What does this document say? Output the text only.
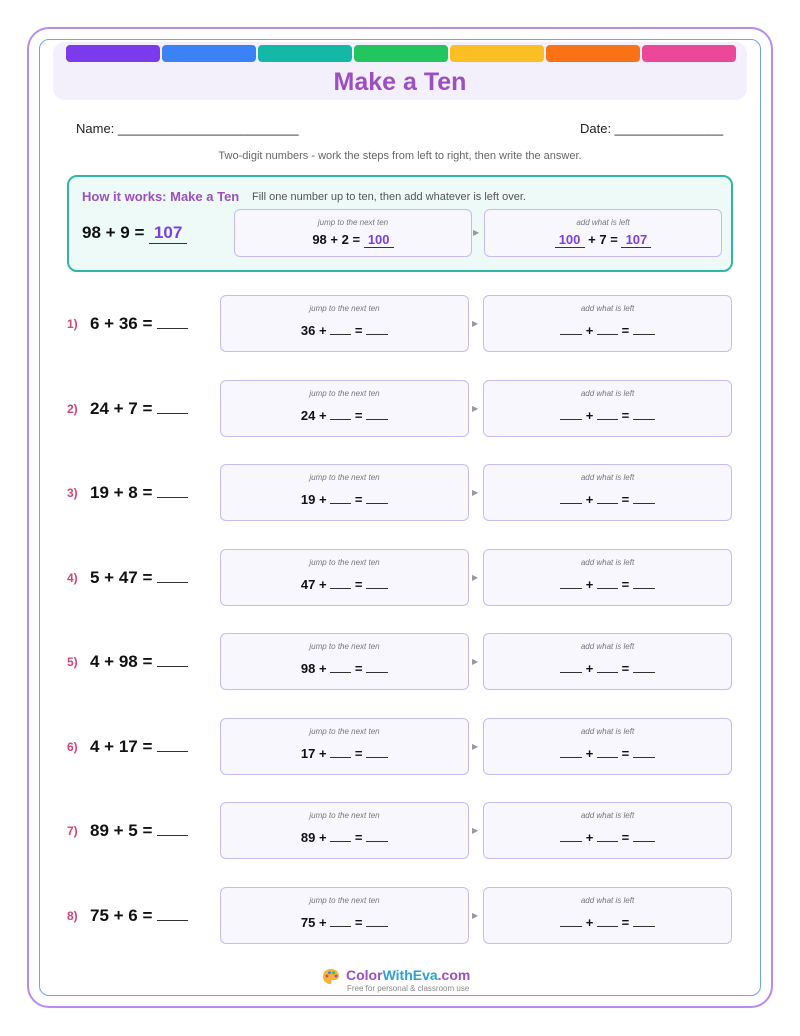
Make a Ten
Name: _________________________	Date: _______________
Two-digit numbers - work the steps from left to right, then write the answer.
How it works: Make a Ten Fill one number up to ten, then add whatever is left over.
98 + 9 = 107
jump to the next ten
98 + 2 = 100	▶
add what is left
100 + 7 = 107
1) 6 + 36 =
jump to the next ten
36 + =	▶
add what is left
+ =
2) 24 + 7 =
jump to the next ten
24 + =	▶
add what is left
+ =
3) 19 + 8 =
jump to the next ten
19 + =	▶
add what is left
+ =
4) 5 + 47 =
jump to the next ten
47 + =	▶
add what is left
+ =
5) 4 + 98 =
jump to the next ten
98 + =	▶
add what is left
+ =
6) 4 + 17 =
jump to the next ten
17 + =	▶
add what is left
+ =
7) 89 + 5 =
jump to the next ten
89 + =	▶
add what is left
+ =
8) 75 + 6 =
jump to the next ten
75 + =	▶
add what is left
+ =
ColorWithEva.com
Free for personal & classroom use
